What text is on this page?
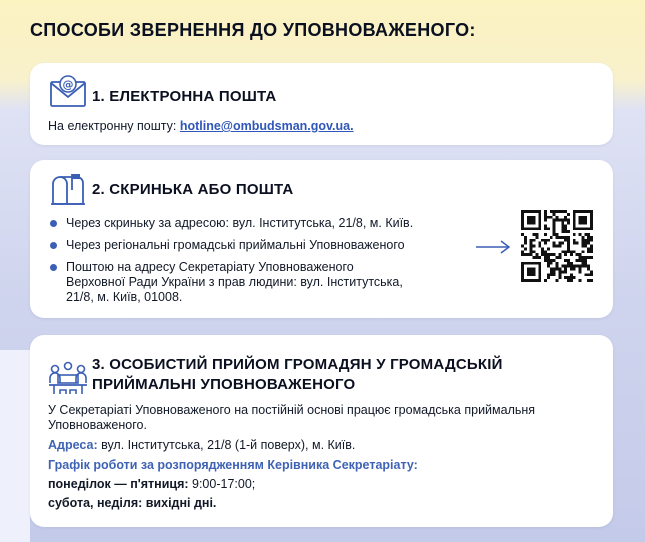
СПОСОБИ ЗВЕРНЕННЯ ДО УПОВНОВАЖЕНОГО:
@
1. ЕЛЕКТРОННА ПОШТА
На електронну пошту: hotline@ombudsman.gov.ua.
2. СКРИНЬКА АБО ПОШТА
Через скриньку за адресою: вул. Інститутська, 21/8, м. Київ.
Через регіональні громадські приймальні Уповноваженого
Поштою на адресу Секретаріату Уповноваженого Верховної Ради України з прав людини: вул. Інститутська, 21/8, м. Київ, 01008.
3. ОСОБИСТИЙ ПРИЙОМ ГРОМАДЯН У ГРОМАДСЬКІЙ
ПРИЙМАЛЬНІ УПОВНОВАЖЕНОГО
У Секретаріаті Уповноваженого на постійній основі працює громадська приймальня Уповноваженого.
Адреса: вул. Інститутська, 21/8 (1-й поверх), м. Київ.
Графік роботи за розпорядженням Керівника Секретаріату:
понеділок — п'ятниця: 9:00-17:00;
субота, неділя: вихідні дні.
